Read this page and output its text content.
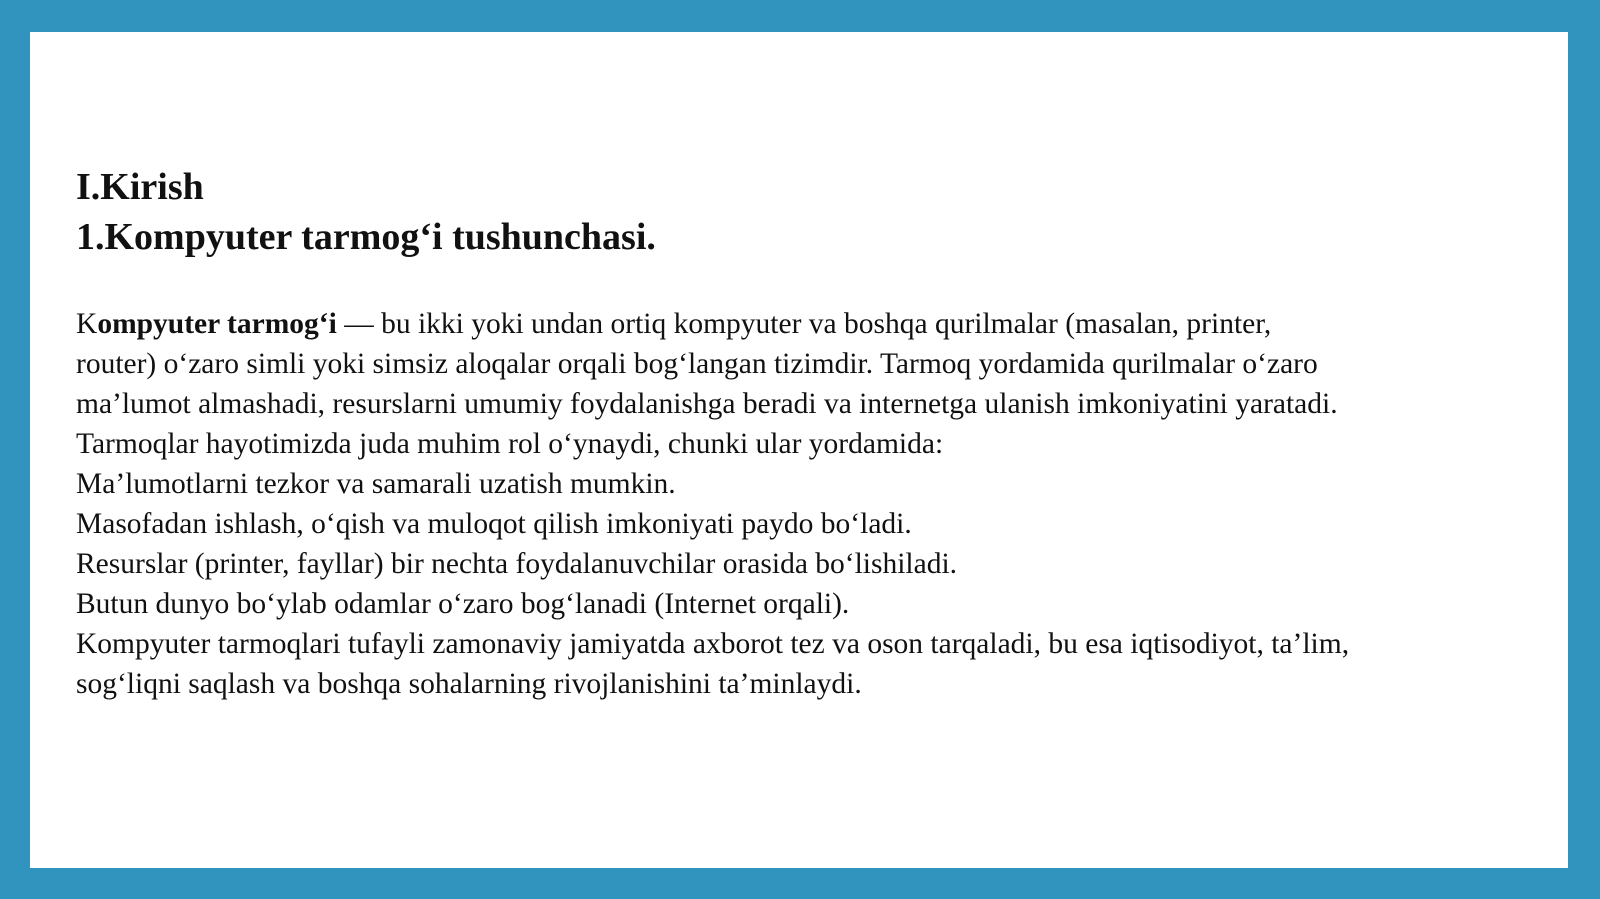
I.Kirish
1.Kompyuter tarmog‘i tushunchasi.
Kompyuter tarmog‘i — bu ikki yoki undan ortiq kompyuter va boshqa qurilmalar (masalan, printer,
router) o‘zaro simli yoki simsiz aloqalar orqali bog‘langan tizimdir. Tarmoq yordamida qurilmalar o‘zaro
ma’lumot almashadi, resurslarni umumiy foydalanishga beradi va internetga ulanish imkoniyatini yaratadi.
Tarmoqlar hayotimizda juda muhim rol o‘ynaydi, chunki ular yordamida:
Ma’lumotlarni tezkor va samarali uzatish mumkin.
Masofadan ishlash, o‘qish va muloqot qilish imkoniyati paydo bo‘ladi.
Resurslar (printer, fayllar) bir nechta foydalanuvchilar orasida bo‘lishiladi.
Butun dunyo bo‘ylab odamlar o‘zaro bog‘lanadi (Internet orqali).
Kompyuter tarmoqlari tufayli zamonaviy jamiyatda axborot tez va oson tarqaladi, bu esa iqtisodiyot, ta’lim,
sog‘liqni saqlash va boshqa sohalarning rivojlanishini ta’minlaydi.
